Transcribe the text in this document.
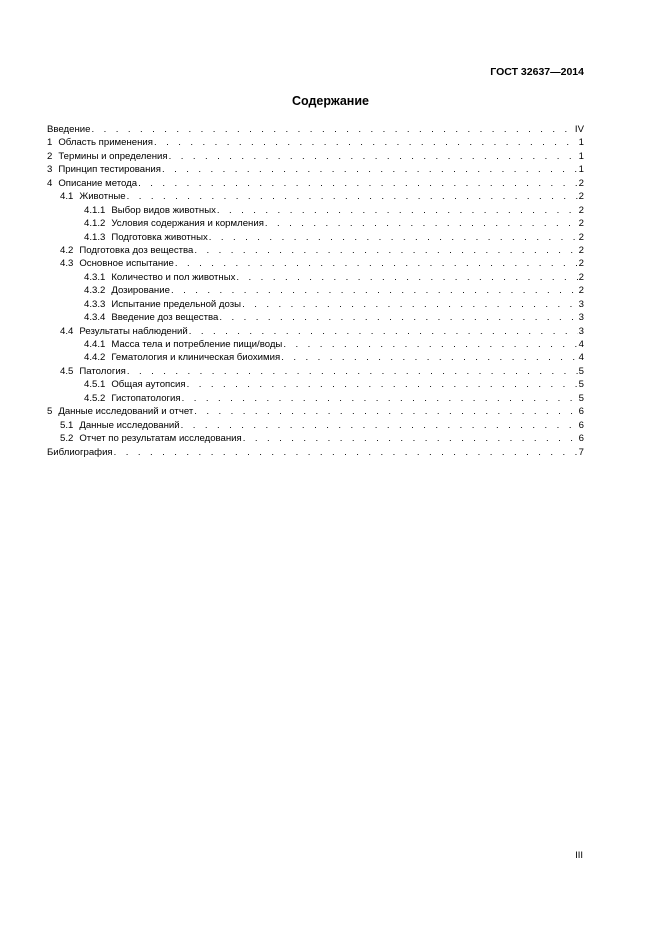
ГОСТ 32637—2014
Содержание
Введение . . .	IV
1 Область применения . . .	1
2 Термины и определения . . .	1
3 Принцип тестирования . . .	1
4 Описание метода . . .	2
4.1 Животные . . .	2
4.1.1 Выбор видов животных . . .	2
4.1.2 Условия содержания и кормления . . .	2
4.1.3 Подготовка животных . . .	2
4.2 Подготовка доз вещества . . .	2
4.3 Основное испытание . . .	2
4.3.1 Количество и пол животных . . .	2
4.3.2 Дозирование . . .	2
4.3.3 Испытание предельной дозы . . .	3
4.3.4 Введение доз вещества . . .	3
4.4 Результаты наблюдений . . .	3
4.4.1 Масса тела и потребление пищи/воды . . .	4
4.4.2 Гематология и клиническая биохимия . . .	4
4.5 Патология . . .	5
4.5.1 Общая аутопсия . . .	5
4.5.2 Гистопатология . . .	5
5 Данные исследований и отчет . . .	6
5.1 Данные исследований . . .	6
5.2 Отчет по результатам исследования . . .	6
Библиография . . .	7
III
